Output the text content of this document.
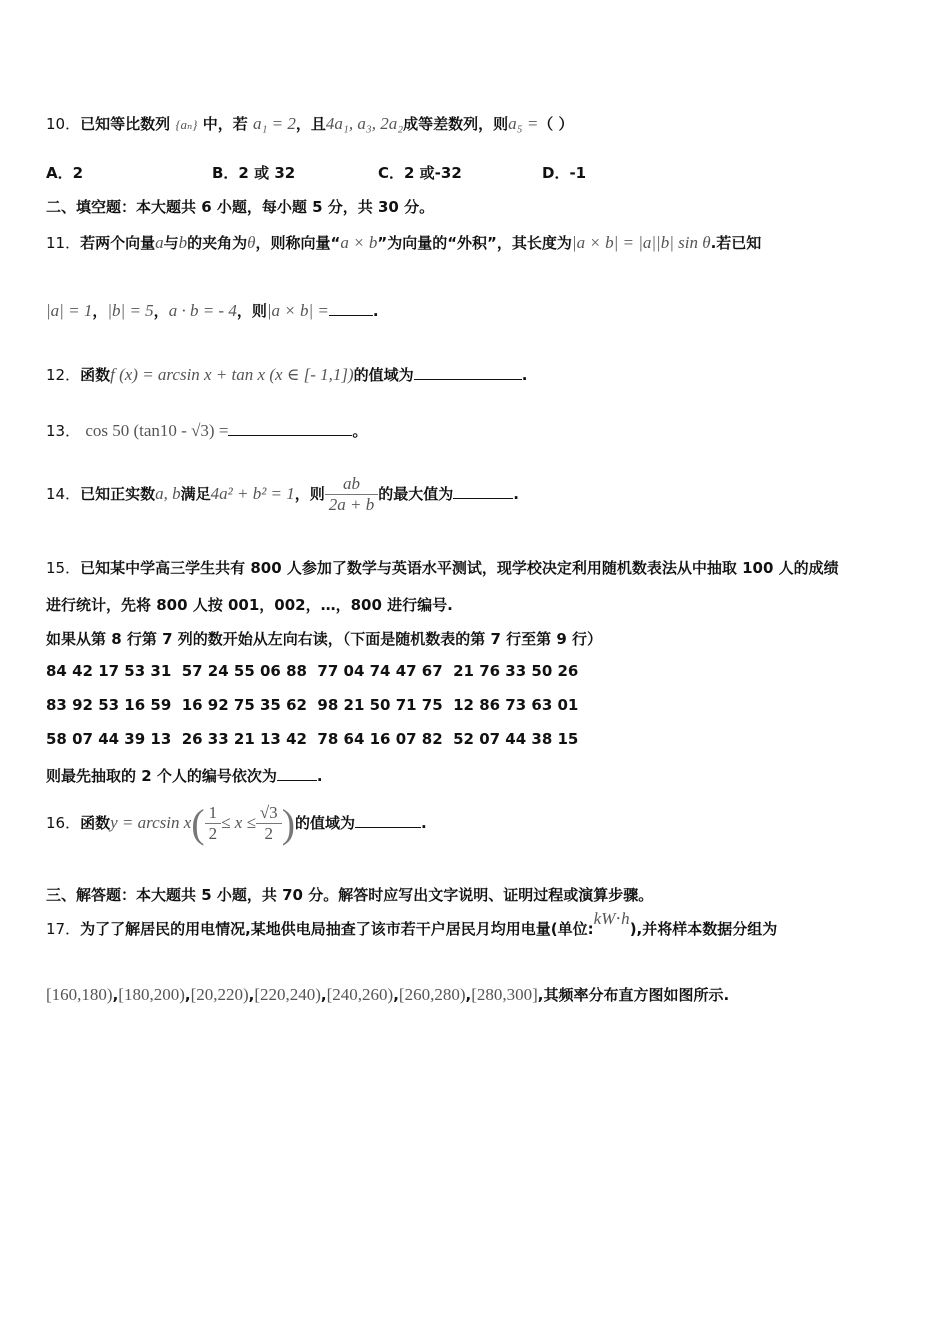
10．已知等比数列 {aₙ} 中，若 a₁ = 2，且4a₁, a₃, 2a₂成等差数列，则a₅ =（ ）
A．2	B．2 或 32	C．2 或-32	D．-1
二、填空题：本大题共 6 小题，每小题 5 分，共 30 分。
11．若两个向量a与b的夹角为θ，则称向量“a × b”为向量的“外积”，其长度为|a × b| = |a||b| sin θ.若已知
|a| = 1，|b| = 5，a · b = - 4，则|a × b| =	.
12．函数f (x) = arcsin x + tan x (x ∈ [- 1,1])的值域为	.
13． cos 50 (tan10 - √3) =	。
14．已知正实数a, b满足4a² + b² = 1，则 $\frac{ab}{2a + b}$ 的最大值为	.
15．已知某中学高三学生共有 800 人参加了数学与英语水平测试，现学校决定利用随机数表法从中抽取 100 人的成绩
进行统计，先将 800 人按 001，002，…，800 进行编号.
如果从第 8 行第 7 列的数开始从左向右读，（下面是随机数表的第 7 行至第 9 行）
84 42 17 53 31  57 24 55 06 88  77 04 74 47 67  21 76 33 50 26
83 92 53 16 59  16 92 75 35 62  98 21 50 71 75  12 86 73 63 01
58 07 44 39 13  26 33 21 13 42  78 64 16 07 82  52 07 44 38 15
则最先抽取的 2 个人的编号依次为	.
16．函数$y = \arcsin x( \frac{1}{2} \le x \le \frac{√3}{2}$ )的值域为	.
三、解答题：本大题共 5 小题，共 70 分。解答时应写出文字说明、证明过程或演算步骤。
17．为了了解居民的用电情况,某地供电局抽查了该市若干户居民月均用电量(单位:kW⋅h),并将样本数据分组为
[160,180),[180,200),[20,220),[220,240),[240,260),[260,280),[280,300],其频率分布直方图如图所示.
